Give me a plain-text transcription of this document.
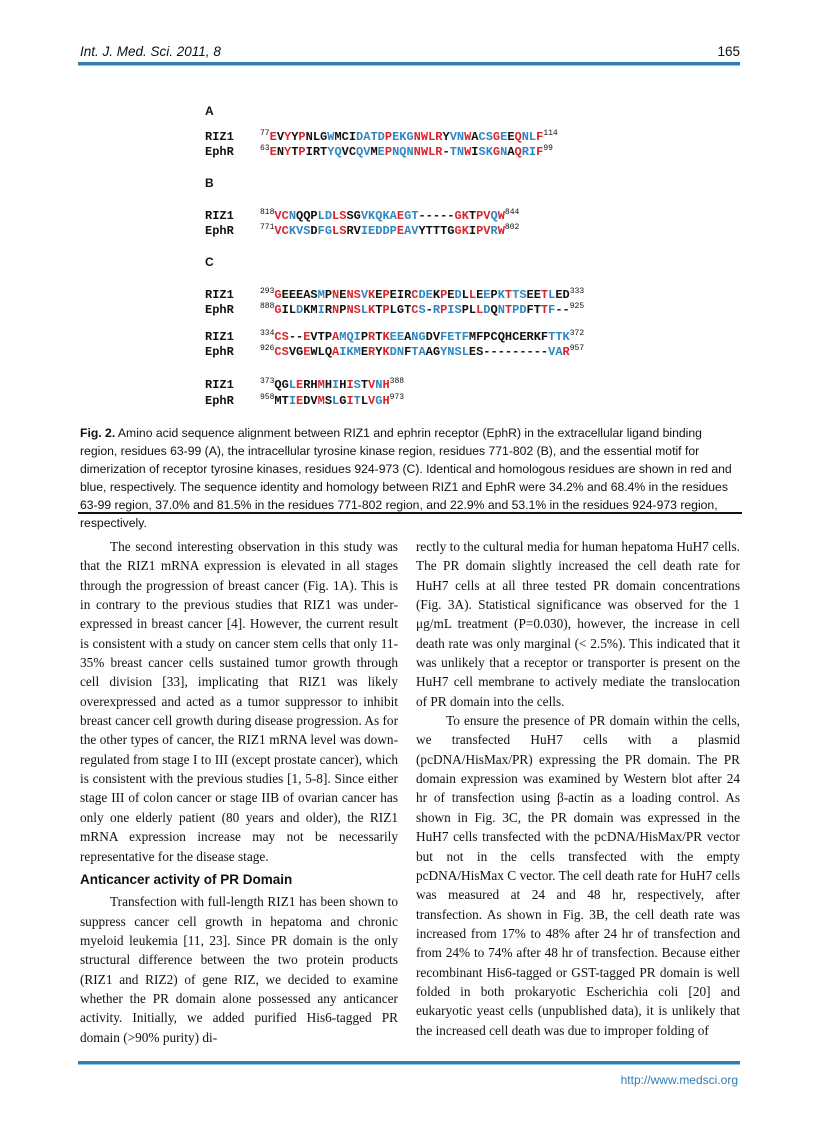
Int. J. Med. Sci. 2011, 8	165
A
RIZ1	$^{77}$EVYYPNLGWMCIDATDPEKGNWLRYVNWACSGEEQNLF$^{114}$
EphR	$^{63}$ENYTPIRTYQVCQVMEPNQNNWLR-TNWISKGNAQRIF$^{99}$
B
RIZ1	$^{818}$VCNQQPLDLSSGVKQKAEGT-----GKTPVQW$^{844}$
EphR	$^{771}$VCKVSDFGLSRVIEDDPEAVYTTTGGKIPVRW$^{802}$
C
RIZ1	$^{293}$GEEEASMPNENSVKEPEIRCDEKPEDLLEEPKTTSEETLED$^{333}$
EphR	$^{888}$GILDKMIRNPNSLKTPLGTCS-RPISPLLDQNTPDFTTF--$^{925}$
RIZ1	$^{334}$CS--EVTPAMQIPRTKEEANGDVFETFMFPCQHCERKFTTK$^{372}$
EphR	$^{926}$CSVGEWLQAIKMERYKDNFTAAGYNSLES---------VAR$^{957}$
RIZ1	$^{373}$QGLERHMHIHISTVNH$^{388}$
EphR	$^{958}$MTIEDVMSLGITLVGH$^{973}$
Fig. 2. Amino acid sequence alignment between RIZ1 and ephrin receptor (EphR) in the extracellular ligand binding region, residues 63-99 (A), the intracellular tyrosine kinase region, residues 771-802 (B), and the essential motif for dimerization of receptor tyrosine kinases, residues 924-973 (C). Identical and homologous residues are shown in red and blue, respectively. The sequence identity and homology between RIZ1 and EphR were 34.2% and 68.4% in the residues 63-99 region, 37.0% and 81.5% in the residues 771-802 region, and 22.9% and 53.1% in the residues 924-973 region, respectively.

The second interesting observation in this study was that the RIZ1 mRNA expression is elevated in all stages through the progression of breast cancer (Fig. 1A). This is in contrary to the previous studies that RIZ1 was under-expressed in breast cancer [4]. However, the current result is consistent with a study on cancer stem cells that only 11-35% breast cancer cells sustained tumor growth through cell division [33], implicating that RIZ1 was likely overexpressed and acted as a tumor suppressor to inhibit breast cancer cell growth during disease progression. As for the other types of cancer, the RIZ1 mRNA level was down-regulated from stage I to III (except prostate cancer), which is consistent with the previous studies [1, 5-8]. Since either stage III of colon cancer or stage IIB of ovarian cancer has only one elderly patient (80 years and older), the RIZ1 mRNA expression increase may not be necessarily representative for the disease stage.

Anticancer activity of PR Domain

Transfection with full-length RIZ1 has been shown to suppress cancer cell growth in hepatoma and chronic myeloid leukemia [11, 23]. Since PR domain is the only structural difference between the two protein products (RIZ1 and RIZ2) of gene RIZ, we decided to examine whether the PR domain alone possessed any anticancer activity. Initially, we added purified His6-tagged PR domain (>90% purity) di-

rectly to the cultural media for human hepatoma HuH7 cells. The PR domain slightly increased the cell death rate for HuH7 cells at all three tested PR domain concentrations (Fig. 3A). Statistical significance was observed for the 1 μg/mL treatment (P=0.030), however, the increase in cell death rate was only marginal (< 2.5%). This indicated that it was unlikely that a receptor or transporter is present on the HuH7 cell membrane to actively mediate the translocation of PR domain into the cells.

To ensure the presence of PR domain within the cells, we transfected HuH7 cells with a plasmid (pcDNA/HisMax/PR) expressing the PR domain. The PR domain expression was examined by Western blot after 24 hr of transfection using β-actin as a loading control. As shown in Fig. 3C, the PR domain was expressed in the HuH7 cells transfected with the pcDNA/HisMax/PR vector but not in the cells transfected with the empty pcDNA/HisMax C vector. The cell death rate for HuH7 cells was measured at 24 and 48 hr, respectively, after transfection. As shown in Fig. 3B, the cell death rate was increased from 17% to 48% after 24 hr of transfection and from 24% to 74% after 48 hr of transfection. Because either recombinant His6-tagged or GST-tagged PR domain is well folded in both prokaryotic Escherichia coli [20] and eukaryotic yeast cells (unpublished data), it is unlikely that the increased cell death was due to improper folding of

http://www.medsci.org
